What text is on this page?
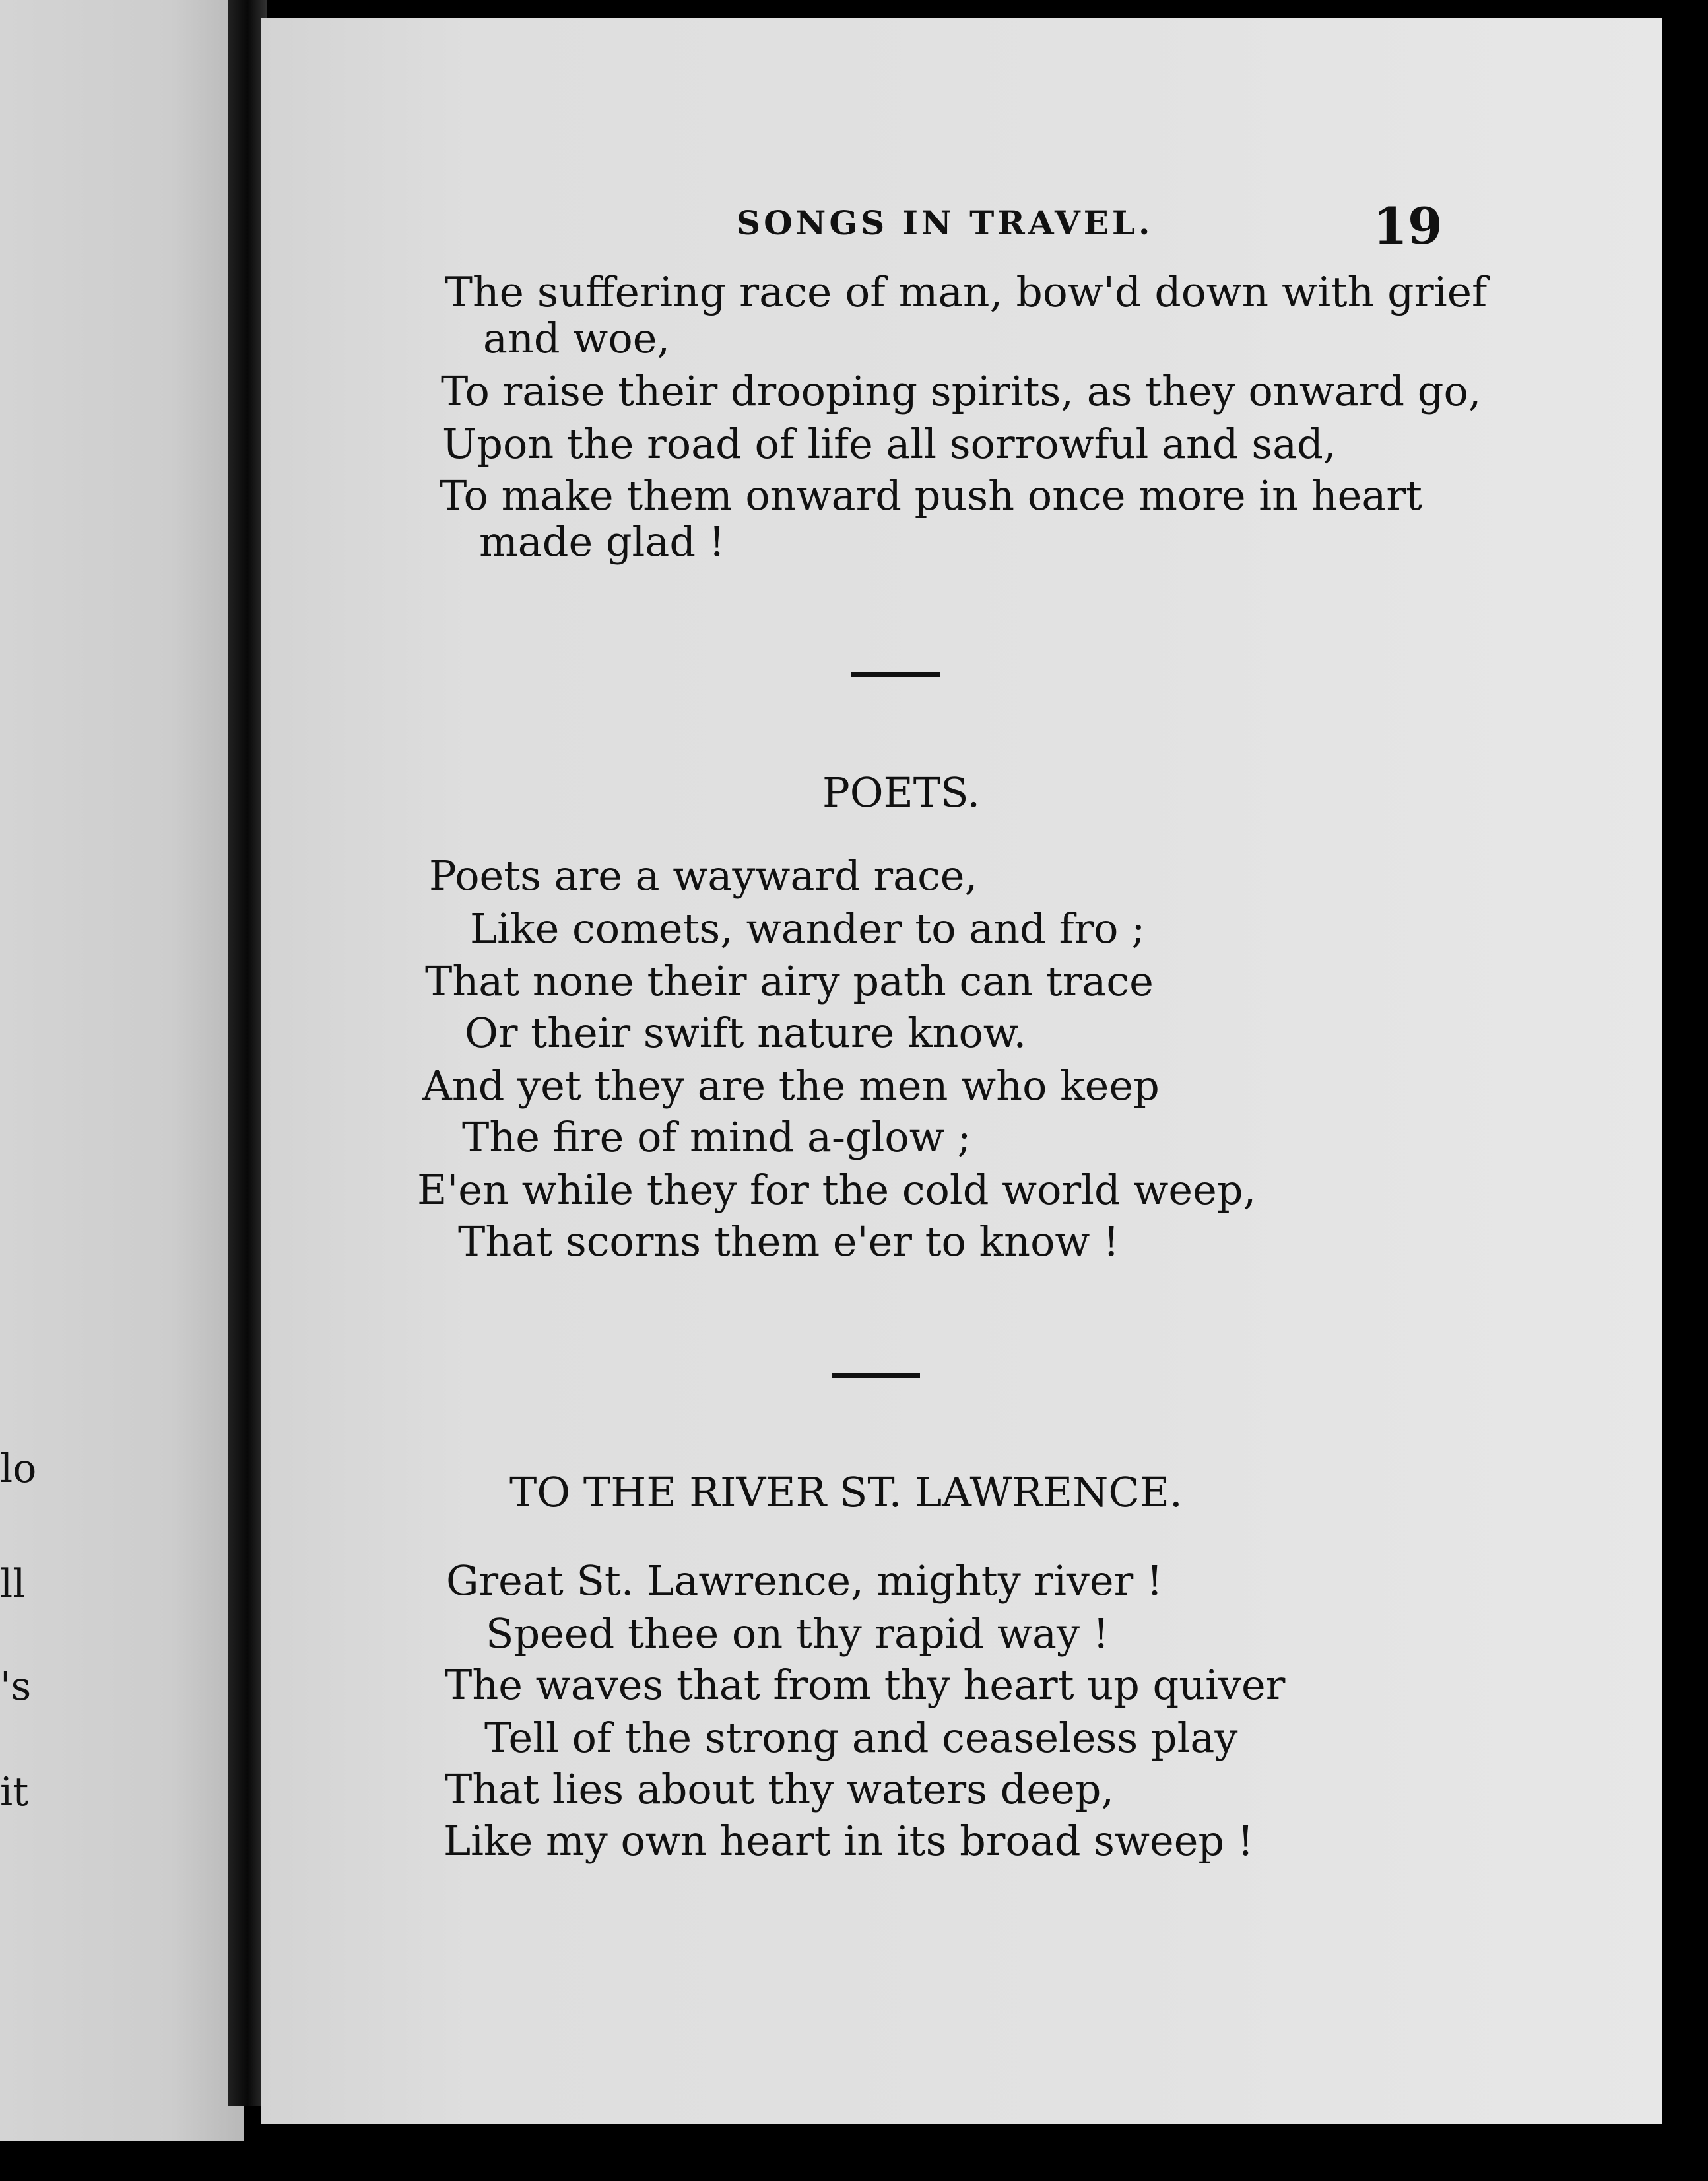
lo
ll
's
it
SONGS IN TRAVEL.	19
The suffering race of man, bow'd down with grief
and woe,
To raise their drooping spirits, as they onward go,
Upon the road of life all sorrowful and sad,
To make them onward push once more in heart
made glad !
POETS.
Poets are a wayward race,
Like comets, wander to and fro ;
That none their airy path can trace
Or their swift nature know.
And yet they are the men who keep
The fire of mind a-glow ;
E'en while they for the cold world weep,
That scorns them e'er to know !
TO THE RIVER ST. LAWRENCE.
Great St. Lawrence, mighty river !
Speed thee on thy rapid way !
The waves that from thy heart up quiver
Tell of the strong and ceaseless play
That lies about thy waters deep,
Like my own heart in its broad sweep !
